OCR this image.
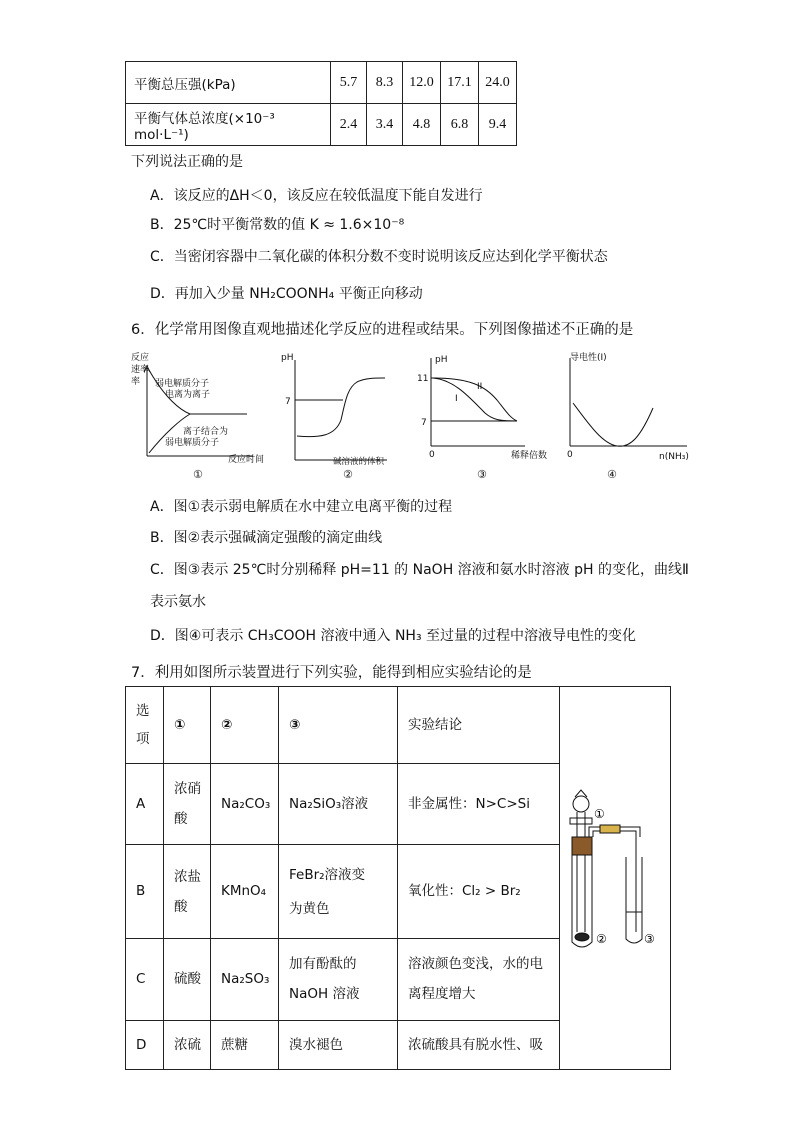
平衡总压强(kPa)	5.7	8.3	12.0	17.1	24.0
平衡气体总浓度(×10⁻³ mol·L⁻¹)	2.4	3.4	4.8	6.8	9.4
下列说法正确的是
A．该反应的ΔH＜0，该反应在较低温度下能自发进行
B．25℃时平衡常数的值 K ≈ 1.6×10⁻⁸
C．当密闭容器中二氧化碳的体积分数不变时说明该反应达到化学平衡状态
D．再加入少量 NH₂COONH₄ 平衡正向移动
6．化学常用图像直观地描述化学反应的进程或结果。下列图像描述不正确的是
反应
速率
率 弱电解质分子
电离为离子
离子结合为
弱电解质分子
反应时间
①
pH
7
碱溶液的体积
②
pH
11
7
0
I
II
稀释倍数
③
导电性(I)
0	n(NH₃)
④
A．图①表示弱电解质在水中建立电离平衡的过程
B．图②表示强碱滴定强酸的滴定曲线
C．图③表示 25℃时分别稀释 pH=11 的 NaOH 溶液和氨水时溶液 pH 的变化，曲线Ⅱ
表示氨水
D．图④可表示 CH₃COOH 溶液中通入 NH₃ 至过量的过程中溶液导电性的变化
7．利用如图所示装置进行下列实验，能得到相应实验结论的是
选项	①	②	③	实验结论	①
② ③

A	浓硝酸	Na₂CO₃	Na₂SiO₃溶液	非金属性：N>C>Si	
B	浓盐酸	KMnO₄	FeBr₂溶液变为黄色	氧化性：Cl₂ > Br₂	
C	硫酸	Na₂SO₃	加有酚酞的NaOH 溶液	溶液颜色变浅，水的电离程度增大	

D	浓硫	蔗糖	溴水褪色	浓硫酸具有脱水性、吸	
